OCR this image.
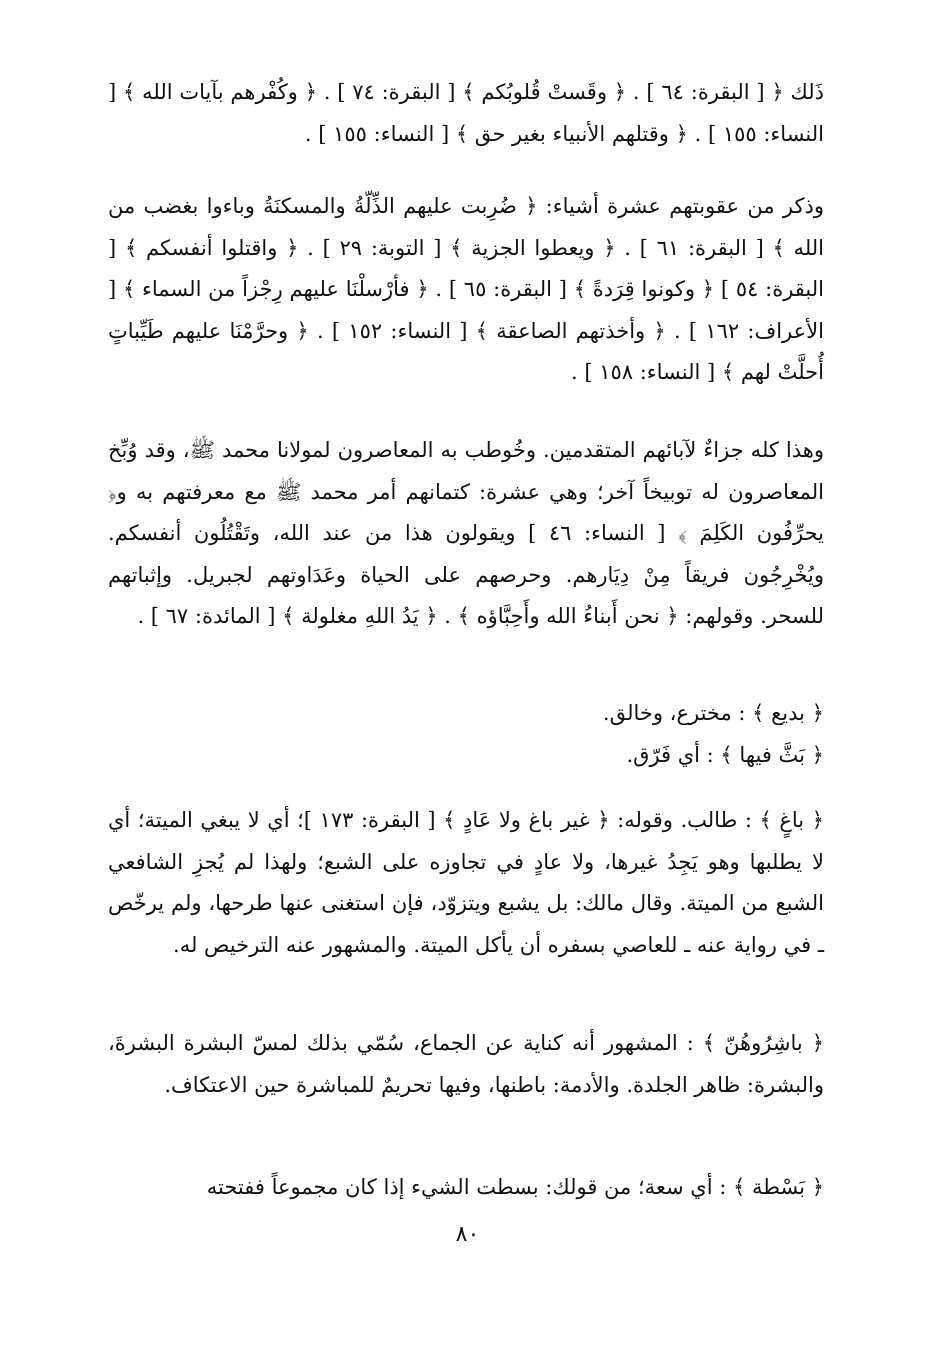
ذَلك ﴿ [ البقرة: ٦٤ ] . ﴿ وقَستْ قُلوبُكم ﴾ [ البقرة: ٧٤ ] . ﴿ وكُفْرهم بآيات الله ﴾ [ النساء: ١٥٥ ] . ﴿ وقتلهم الأنبياء بغير حق ﴾ [ النساء: ١٥٥ ] .

وذكر من عقوبتهم عشرة أشياء: ﴿ ضُرِبت عليهم الذِّلّةُ والمسكنَةُ وباءوا بغضب من الله ﴾ [ البقرة: ٦١ ] . ﴿ ويعطوا الجزية ﴾ [ التوبة: ٢٩ ] . ﴿ واقتلوا أنفسكم ﴾ [ البقرة: ٥٤ ] ﴿ وكونوا قِرَدةً ﴾ [ البقرة: ٦٥ ] . ﴿ فأرْسلْنَا عليهم رِجْزاً من السماء ﴾ [ الأعراف: ١٦٢ ] . ﴿ وأخذتهم الصاعقة ﴾ [ النساء: ١٥٢ ] . ﴿ وحرَّمْنَا عليهم طَيِّباتٍ أُحلَّتْ لهم ﴾ [ النساء: ١٥٨ ] .

وهذا كله جزاءٌ لآبائهم المتقدمين. وخُوطب به المعاصرون لمولانا محمد ﷺ، وقد وُبِّخ المعاصرون له توبيخاً آخر؛ وهي عشرة: كتمانهم أمر محمد ﷺ مع معرفتهم به و﴿ يحرِّفُون الكَلِمَ ﴾ [ النساء: ٤٦ ] ويقولون هذا من عند الله، وتَقْتُلُون أنفسكم. ويُخْرِجُون فريقاً مِنْ دِيَارهم. وحرصهم على الحياة وعَدَاوتهم لجبريل. وإثباتهم للسحر. وقولهم: ﴿ نحن أَبناءُ الله وأَحِبَّاؤه ﴾ . ﴿ يَدُ اللهِ مغلولة ﴾ [ المائدة: ٦٧ ] .

﴿ بديع ﴾ : مخترع، وخالق.

﴿ بَثَّ فيها ﴾ : أي فَرّق.

﴿ باغٍ ﴾ : طالب. وقوله: ﴿ غير باغ ولا عَادٍ ﴾ [ البقرة: ١٧٣ ]؛ أي لا يبغي الميتة؛ أي لا يطلبها وهو يَجِدُ غيرها، ولا عادٍ في تجاوزه على الشبع؛ ولهذا لم يُجزِ الشافعي الشبع من الميتة. وقال مالك: بل يشبع ويتزوّد، فإن استغنى عنها طرحها، ولم يرخّص ـ في رواية عنه ـ للعاصي بسفره أن يأكل الميتة. والمشهور عنه الترخيص له.

﴿ باشِرُوهُنّ ﴾ : المشهور أنه كناية عن الجماع، سُمّي بذلك لمسّ البشرة البشرةَ، والبشرة: ظاهر الجلدة. والأدمة: باطنها، وفيها تحريمٌ للمباشرة حين الاعتكاف.

﴿ بَسْطة ﴾ : أي سعة؛ من قولك: بسطت الشيء إذا كان مجموعاً ففتحته

٨٠
